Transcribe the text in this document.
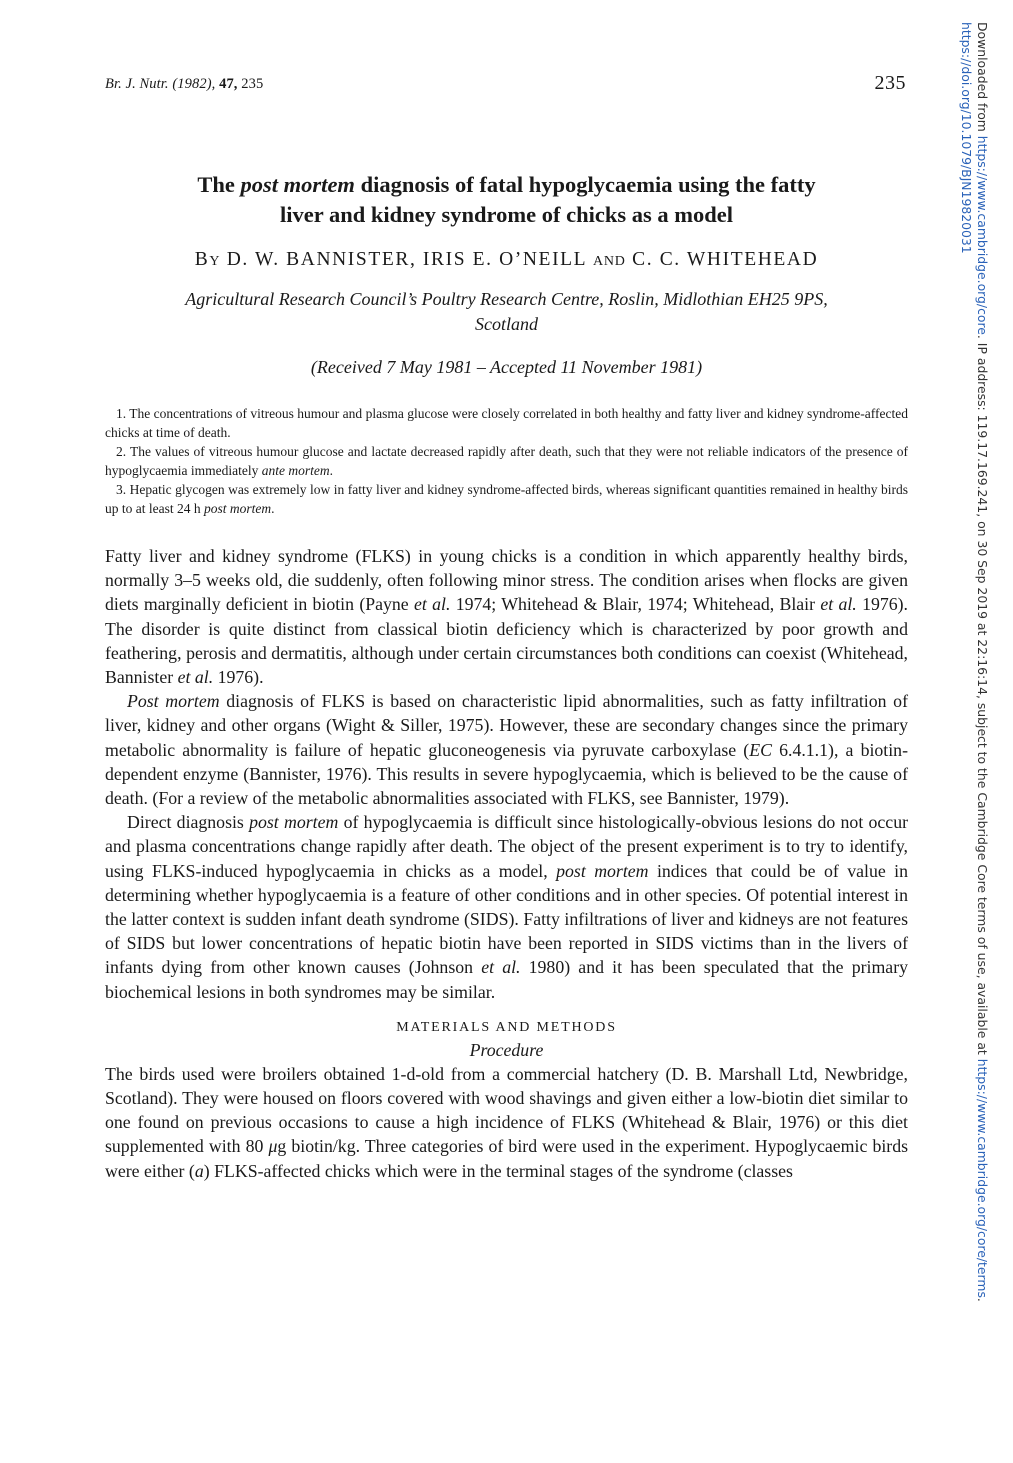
Br. J. Nutr. (1982), 47, 235	235	Downloaded from https://www.cambridge.org/core. IP address: 119.17.169.241, on 30 Sep 2019 at 22:16:14, subject to the Cambridge Core terms of use, available at https://www.cambridge.org/core/terms.
https://doi.org/10.1079/BJN19820031
The post mortem diagnosis of fatal hypoglycaemia using the fatty
liver and kidney syndrome of chicks as a model
BY D. W. BANNISTER, IRIS E. O’NEILL AND C. C. WHITEHEAD
Agricultural Research Council’s Poultry Research Centre, Roslin, Midlothian EH25 9PS,
Scotland
(Received 7 May 1981 – Accepted 11 November 1981)

1. The concentrations of vitreous humour and plasma glucose were closely correlated in both healthy and fatty liver and kidney syndrome-affected chicks at time of death.

2. The values of vitreous humour glucose and lactate decreased rapidly after death, such that they were not reliable indicators of the presence of hypoglycaemia immediately ante mortem.

3. Hepatic glycogen was extremely low in fatty liver and kidney syndrome-affected birds, whereas significant quantities remained in healthy birds up to at least 24 h post mortem.

Fatty liver and kidney syndrome (FLKS) in young chicks is a condition in which apparently healthy birds, normally 3–5 weeks old, die suddenly, often following minor stress. The condition arises when flocks are given diets marginally deficient in biotin (Payne et al. 1974; Whitehead & Blair, 1974; Whitehead, Blair et al. 1976). The disorder is quite distinct from classical biotin deficiency which is characterized by poor growth and feathering, perosis and dermatitis, although under certain circumstances both conditions can coexist (Whitehead, Bannister et al. 1976).

Post mortem diagnosis of FLKS is based on characteristic lipid abnormalities, such as fatty infiltration of liver, kidney and other organs (Wight & Siller, 1975). However, these are secondary changes since the primary metabolic abnormality is failure of hepatic gluconeogenesis via pyruvate carboxylase (EC 6.4.1.1), a biotin-dependent enzyme (Bannister, 1976). This results in severe hypoglycaemia, which is believed to be the cause of death. (For a review of the metabolic abnormalities associated with FLKS, see Bannister, 1979).

Direct diagnosis post mortem of hypoglycaemia is difficult since histologically-obvious lesions do not occur and plasma concentrations change rapidly after death. The object of the present experiment is to try to identify, using FLKS-induced hypoglycaemia in chicks as a model, post mortem indices that could be of value in determining whether hypoglycaemia is a feature of other conditions and in other species. Of potential interest in the latter context is sudden infant death syndrome (SIDS). Fatty infiltrations of liver and kidneys are not features of SIDS but lower concentrations of hepatic biotin have been reported in SIDS victims than in the livers of infants dying from other known causes (Johnson et al. 1980) and it has been speculated that the primary biochemical lesions in both syndromes may be similar.

MATERIALS AND METHODS
Procedure

The birds used were broilers obtained 1-d-old from a commercial hatchery (D. B. Marshall Ltd, Newbridge, Scotland). They were housed on floors covered with wood shavings and given either a low-biotin diet similar to one found on previous occasions to cause a high incidence of FLKS (Whitehead & Blair, 1976) or this diet supplemented with 80 μg biotin/kg. Three categories of bird were used in the experiment. Hypoglycaemic birds were either (a) FLKS-affected chicks which were in the terminal stages of the syndrome (classes
